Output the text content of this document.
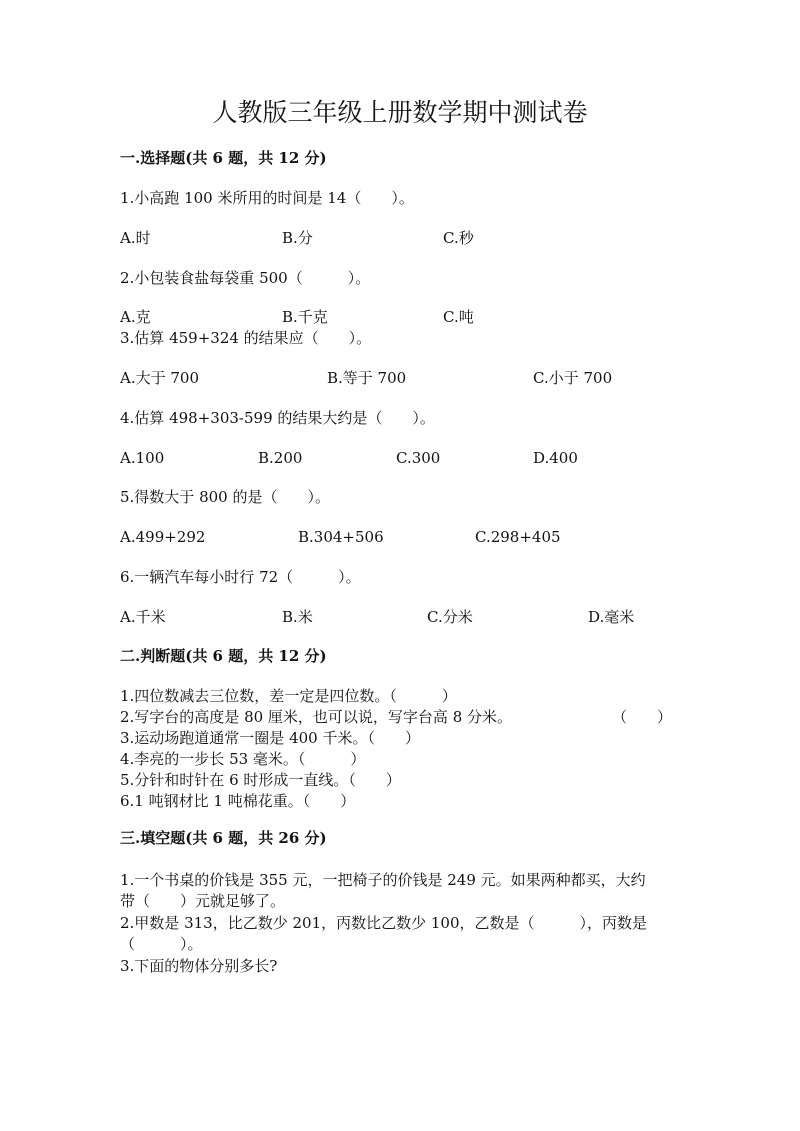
人教版三年级上册数学期中测试卷
一.选择题(共 6 题，共 12 分)
1.小高跑 100 米所用的时间是 14（　　）。
A.时	B.分	C.秒
2.小包装食盐每袋重 500（　　　）。
A.克	B.千克	C.吨
3.估算 459+324 的结果应（　　）。
A.大于 700	B.等于 700	C.小于 700
4.估算 498+303-599 的结果大约是（　　）。
A.100	B.200	C.300	D.400
5.得数大于 800 的是（　　）。
A.499+292	B.304+506	C.298+405
6.一辆汽车每小时行 72（　　　）。
A.千米	B.米	C.分米	D.毫米
二.判断题(共 6 题，共 12 分)
1.四位数减去三位数，差一定是四位数。（　　　）
2.写字台的高度是 80 厘米，也可以说，写字台高 8 分米。	（　　）
3.运动场跑道通常一圈是 400 千米。（　　）
4.李亮的一步长 53 毫米。（　　　）
5.分针和时针在 6 时形成一直线。（　　）
6.1 吨钢材比 1 吨棉花重。（　　）
三.填空题(共 6 题，共 26 分)
1.一个书桌的价钱是 355 元，一把椅子的价钱是 249 元。如果两种都买，大约
带（　　）元就足够了。
2.甲数是 313，比乙数少 201，丙数比乙数少 100，乙数是（　　　），丙数是
（　　　）。
3.下面的物体分别多长?
